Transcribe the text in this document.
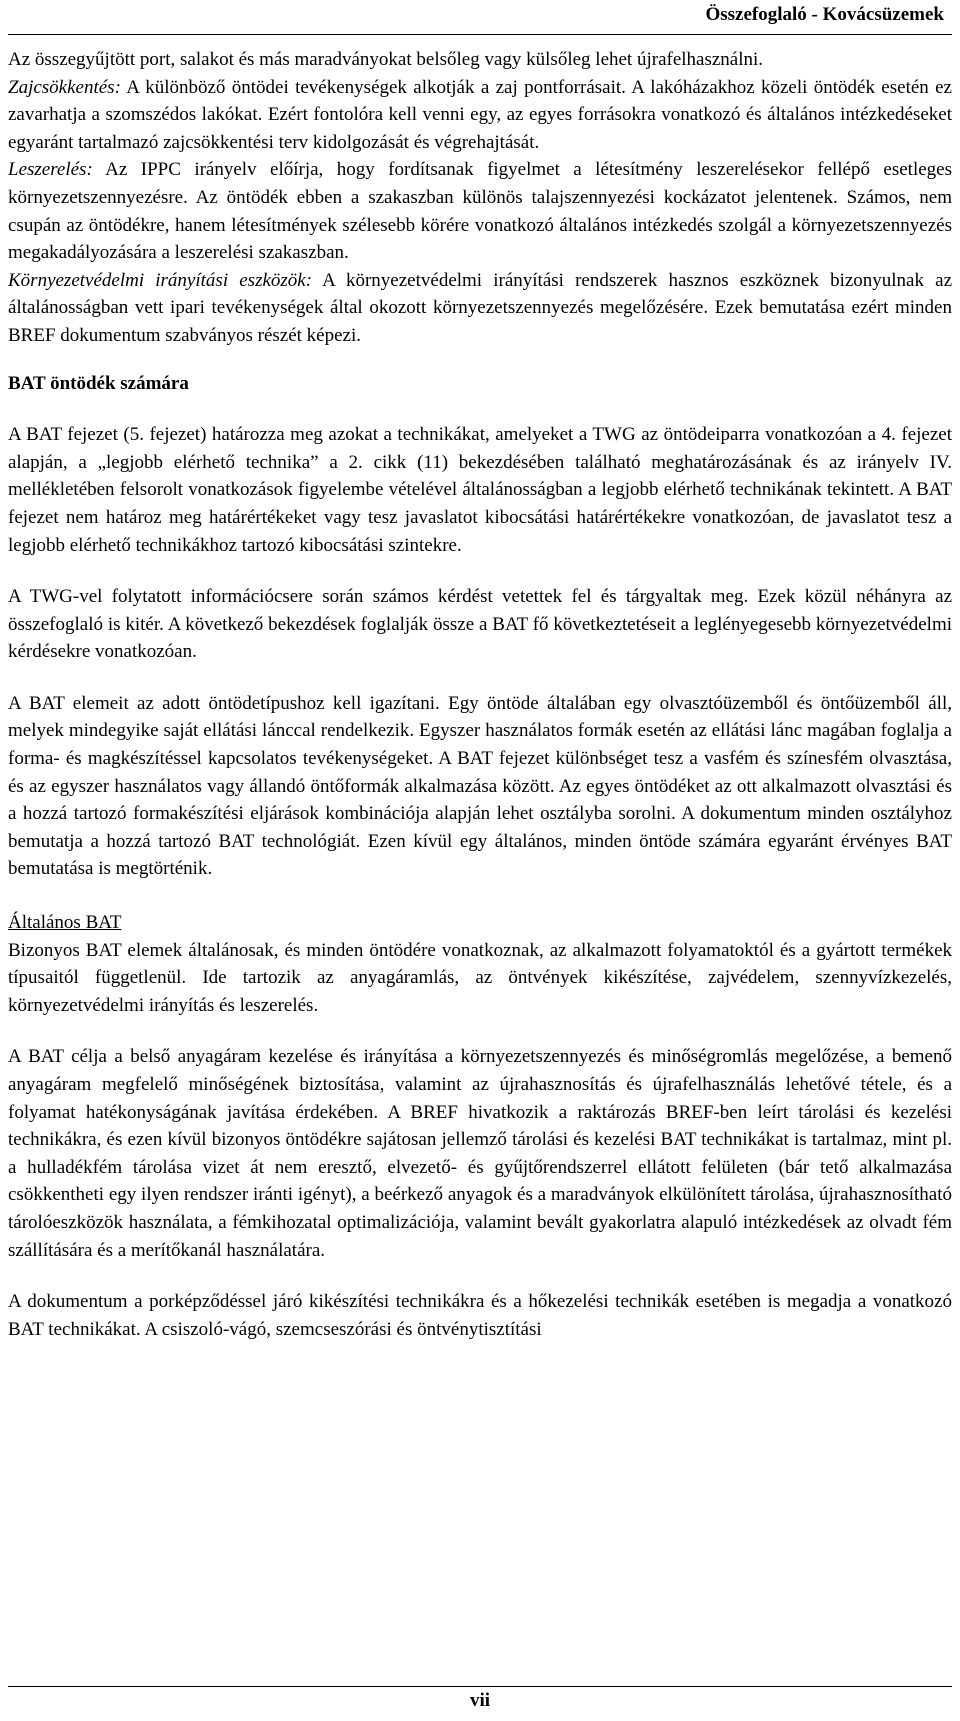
Összefoglaló - Kovácsüzemek

Az összegyűjtött port, salakot és más maradványokat belsőleg vagy külsőleg lehet újrafelhasználni.

Zajcsökkentés: A különböző öntödei tevékenységek alkotják a zaj pontforrásait. A lakóházakhoz közeli öntödék esetén ez zavarhatja a szomszédos lakókat. Ezért fontolóra kell venni egy, az egyes forrásokra vonatkozó és általános intézkedéseket egyaránt tartalmazó zajcsökkentési terv kidolgozását és végrehajtását.

Leszerelés: Az IPPC irányelv előírja, hogy fordítsanak figyelmet a létesítmény leszerelésekor fellépő esetleges környezetszennyezésre. Az öntödék ebben a szakaszban különös talajszennyezési kockázatot jelentenek. Számos, nem csupán az öntödékre, hanem létesítmények szélesebb körére vonatkozó általános intézkedés szolgál a környezetszennyezés megakadályozására a leszerelési szakaszban.

Környezetvédelmi irányítási eszközök: A környezetvédelmi irányítási rendszerek hasznos eszköznek bizonyulnak az általánosságban vett ipari tevékenységek által okozott környezetszennyezés megelőzésére. Ezek bemutatása ezért minden BREF dokumentum szabványos részét képezi.

BAT öntödék számára

A BAT fejezet (5. fejezet) határozza meg azokat a technikákat, amelyeket a TWG az öntödeiparra vonatkozóan a 4. fejezet alapján, a „legjobb elérhető technika” a 2. cikk (11) bekezdésében található meghatározásának és az irányelv IV. mellékletében felsorolt vonatkozások figyelembe vételével általánosságban a legjobb elérhető technikának tekintett. A BAT fejezet nem határoz meg határértékeket vagy tesz javaslatot kibocsátási határértékekre vonatkozóan, de javaslatot tesz a legjobb elérhető technikákhoz tartozó kibocsátási szintekre.

A TWG-vel folytatott információcsere során számos kérdést vetettek fel és tárgyaltak meg. Ezek közül néhányra az összefoglaló is kitér. A következő bekezdések foglalják össze a BAT fő következtetéseit a leglényegesebb környezetvédelmi kérdésekre vonatkozóan.

A BAT elemeit az adott öntödetípushoz kell igazítani. Egy öntöde általában egy olvasztóüzemből és öntőüzemből áll, melyek mindegyike saját ellátási lánccal rendelkezik. Egyszer használatos formák esetén az ellátási lánc magában foglalja a forma- és magkészítéssel kapcsolatos tevékenységeket. A BAT fejezet különbséget tesz a vasfém és színesfém olvasztása, és az egyszer használatos vagy állandó öntőformák alkalmazása között. Az egyes öntödéket az ott alkalmazott olvasztási és a hozzá tartozó formakészítési eljárások kombinációja alapján lehet osztályba sorolni. A dokumentum minden osztályhoz bemutatja a hozzá tartozó BAT technológiát. Ezen kívül egy általános, minden öntöde számára egyaránt érvényes BAT bemutatása is megtörténik.

Általános BAT

Bizonyos BAT elemek általánosak, és minden öntödére vonatkoznak, az alkalmazott folyamatoktól és a gyártott termékek típusaitól függetlenül. Ide tartozik az anyagáramlás, az öntvények kikészítése, zajvédelem, szennyvízkezelés, környezetvédelmi irányítás és leszerelés.

A BAT célja a belső anyagáram kezelése és irányítása a környezetszennyezés és minőségromlás megelőzése, a bemenő anyagáram megfelelő minőségének biztosítása, valamint az újrahasznosítás és újrafelhasználás lehetővé tétele, és a folyamat hatékonyságának javítása érdekében. A BREF hivatkozik a raktározás BREF-ben leírt tárolási és kezelési technikákra, és ezen kívül bizonyos öntödékre sajátosan jellemző tárolási és kezelési BAT technikákat is tartalmaz, mint pl. a hulladékfém tárolása vizet át nem eresztő, elvezető- és gyűjtőrendszerrel ellátott felületen (bár tető alkalmazása csökkentheti egy ilyen rendszer iránti igényt), a beérkező anyagok és a maradványok elkülönített tárolása, újrahasznosítható tárolóeszközök használata, a fémkihozatal optimalizációja, valamint bevált gyakorlatra alapuló intézkedések az olvadt fém szállítására és a merítőkanál használatára.

A dokumentum a porképződéssel járó kikészítési technikákra és a hőkezelési technikák esetében is megadja a vonatkozó BAT technikákat. A csiszoló-vágó, szemcseszórási és öntvénytisztítási

vii
